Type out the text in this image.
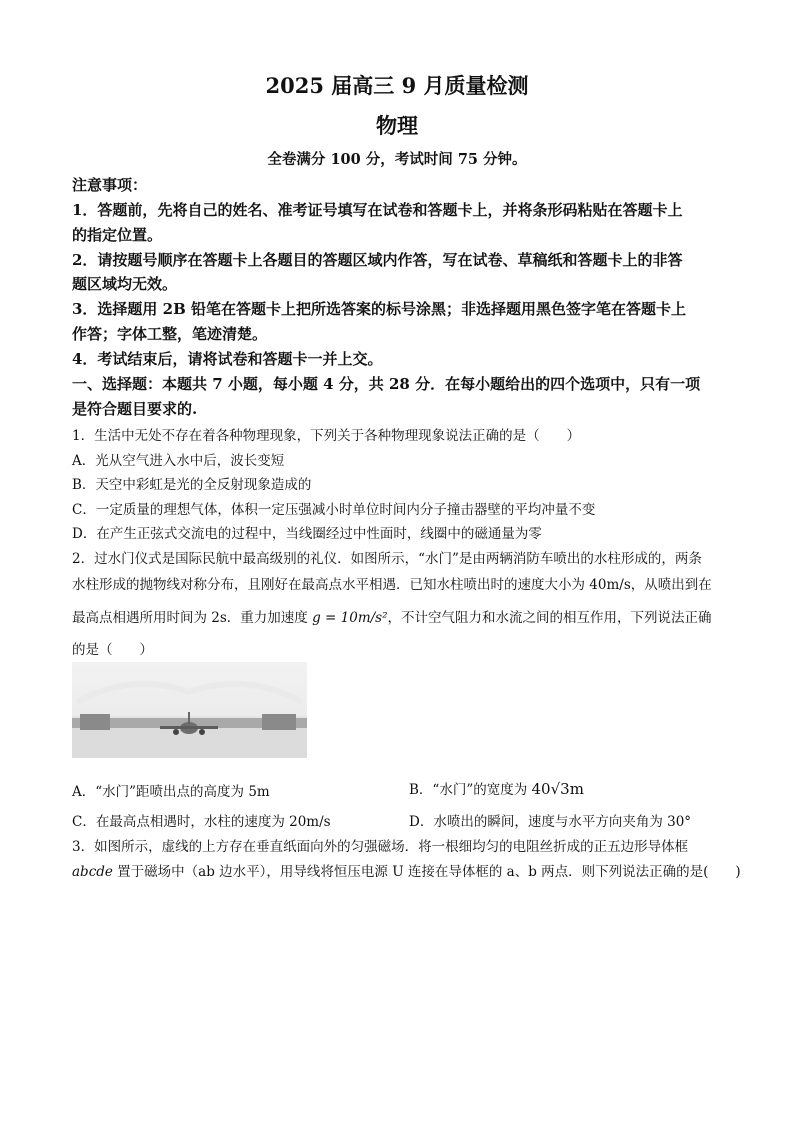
2025 届高三 9 月质量检测
物理
全卷满分 100 分，考试时间 75 分钟。
注意事项：
1．答题前，先将自己的姓名、准考证号填写在试卷和答题卡上，并将条形码粘贴在答题卡上
的指定位置。
2．请按题号顺序在答题卡上各题目的答题区域内作答，写在试卷、草稿纸和答题卡上的非答
题区域均无效。
3．选择题用 2B 铅笔在答题卡上把所选答案的标号涂黑；非选择题用黑色签字笔在答题卡上
作答；字体工整，笔迹清楚。
4．考试结束后，请将试卷和答题卡一并上交。
一、选择题：本题共 7 小题，每小题 4 分，共 28 分．在每小题给出的四个选项中，只有一项
是符合题目要求的.
1．生活中无处不存在着各种物理现象，下列关于各种物理现象说法正确的是（　　）
A．光从空气进入水中后，波长变短
B．天空中彩虹是光的全反射现象造成的
C．一定质量的理想气体，体积一定压强减小时单位时间内分子撞击器壁的平均冲量不变
D．在产生正弦式交流电的过程中，当线圈经过中性面时，线圈中的磁通量为零
2．过水门仪式是国际民航中最高级别的礼仪．如图所示，“水门”是由两辆消防车喷出的水柱形成的，两条
水柱形成的抛物线对称分布，且刚好在最高点水平相遇．已知水柱喷出时的速度大小为 40m/s，从喷出到在
最高点相遇所用时间为 2s．重力加速度 g = 10m/s²，不计空气阻力和水流之间的相互作用，下列说法正确
的是（　　）
A．“水门”距喷出点的高度为 5m	B．“水门”的宽度为 40√3m
C．在最高点相遇时，水柱的速度为 20m/s	D．水喷出的瞬间，速度与水平方向夹角为 30°
3．如图所示，虚线的上方存在垂直纸面向外的匀强磁场．将一根细均匀的电阻丝折成的正五边形导体框
abcde 置于磁场中（ab 边水平），用导线将恒压电源 U 连接在导体框的 a、b 两点．则下列说法正确的是(　　)
